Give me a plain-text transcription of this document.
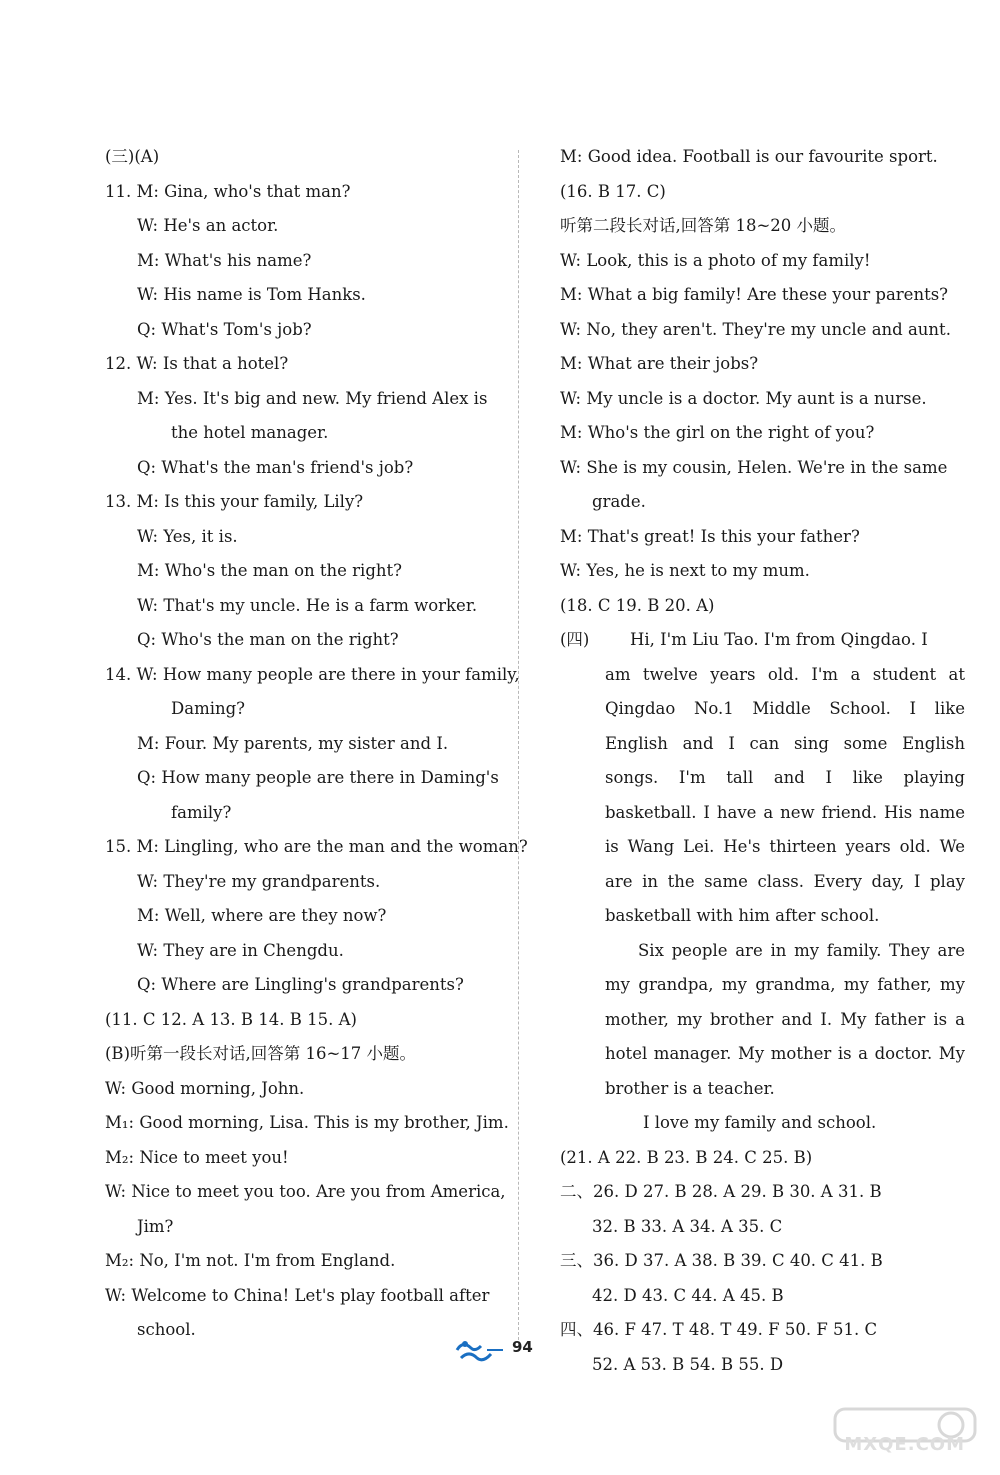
(三)(A)
11. M: Gina, who's that man?
W: He's an actor.
M: What's his name?
W: His name is Tom Hanks.
Q: What's Tom's job?
12. W: Is that a hotel?
M: Yes. It's big and new. My friend Alex is
the hotel manager.
Q: What's the man's friend's job?
13. M: Is this your family, Lily?
W: Yes, it is.
M: Who's the man on the right?
W: That's my uncle. He is a farm worker.
Q: Who's the man on the right?
14. W: How many people are there in your family,
Daming?
M: Four. My parents, my sister and I.
Q: How many people are there in Daming's
family?
15. M: Lingling, who are the man and the woman?
W: They're my grandparents.
M: Well, where are they now?
W: They are in Chengdu.
Q: Where are Lingling's grandparents?
(11. C 12. A 13. B 14. B 15. A)
(B)听第一段长对话,回答第 16~17 小题。
W: Good morning, John.
M₁: Good morning, Lisa. This is my brother, Jim.
M₂: Nice to meet you!
W: Nice to meet you too. Are you from America,
Jim?
M₂: No, I'm not. I'm from England.
W: Welcome to China! Let's play football after
school.
M: Good idea. Football is our favourite sport.
(16. B 17. C)
听第二段长对话,回答第 18~20 小题。
W: Look, this is a photo of my family!
M: What a big family! Are these your parents?
W: No, they aren't. They're my uncle and aunt.
M: What are their jobs?
W: My uncle is a doctor. My aunt is a nurse.
M: Who's the girl on the right of you?
W: She is my cousin, Helen. We're in the same
grade.
M: That's great! Is this your father?
W: Yes, he is next to my mum.
(18. C 19. B 20. A)
(四)	Hi, I'm Liu Tao. I'm from Qingdao. I
am twelve years old. I'm a student at Qingdao No.1 Middle School. I like English and I can sing some English songs. I'm tall and I like playing basketball. I have a new friend. His name is Wang Lei. He's thirteen years old. We are in the same class. Every day, I play basketball with him after school.
Six people are in my family. They are my grandpa, my grandma, my father, my mother, my brother and I. My father is a hotel manager. My mother is a doctor. My brother is a teacher.
I love my family and school.
(21. A 22. B 23. B 24. C 25. B)
二、26. D 27. B 28. A 29. B 30. A 31. B
32. B 33. A 34. A 35. C
三、36. D 37. A 38. B 39. C 40. C 41. B
42. D 43. C 44. A 45. B
四、46. F 47. T 48. T 49. F 50. F 51. C
52. A 53. B 54. B 55. D
94
MXQE.COM
